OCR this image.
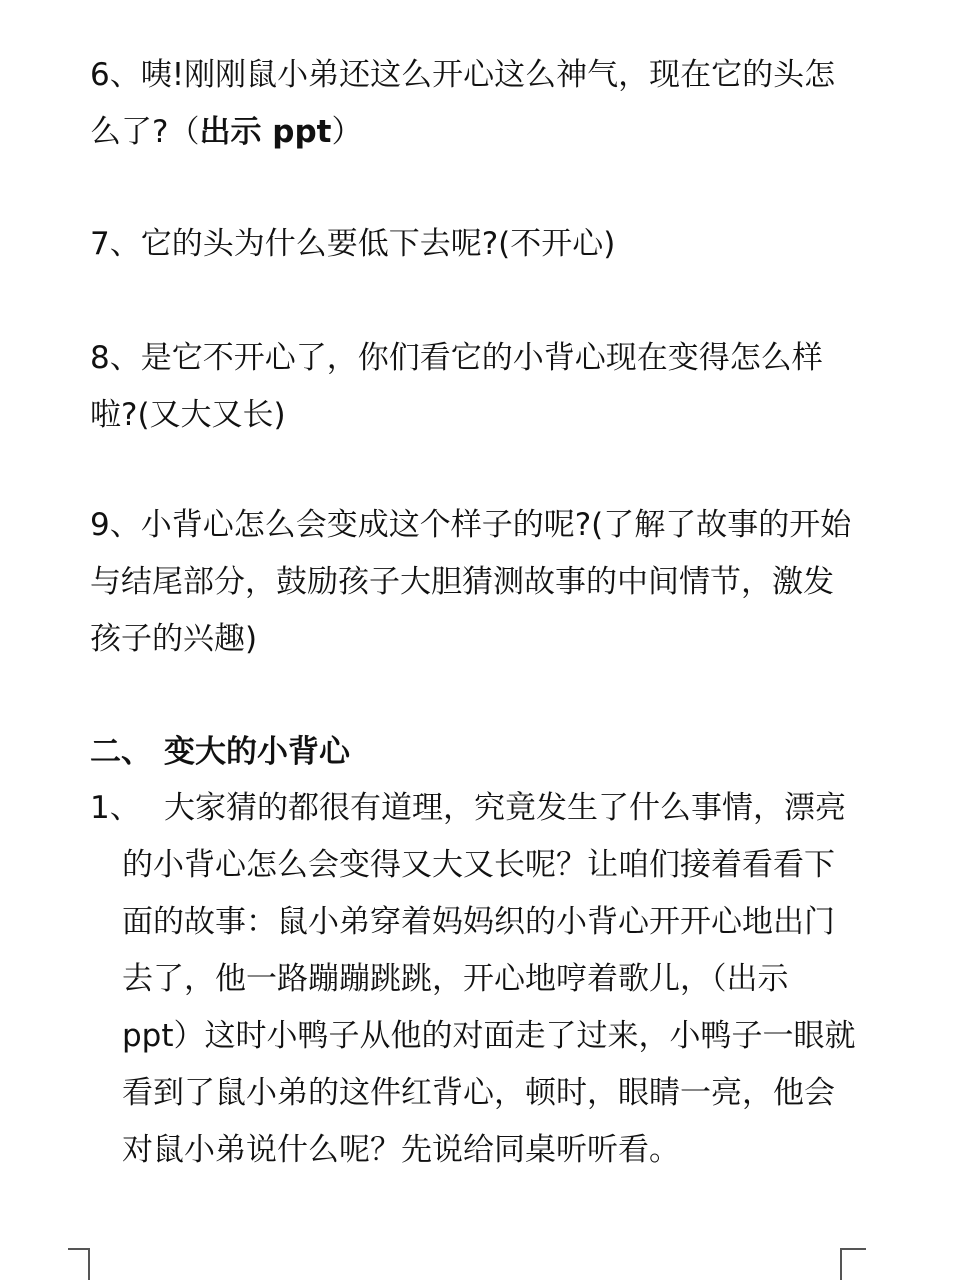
6、咦!刚刚鼠小弟还这么开心这么神气，现在它的头怎么了?（出示 ppt）

7、它的头为什么要低下去呢?(不开心)

8、是它不开心了，你们看它的小背心现在变得怎么样啦?(又大又长)

9、小背心怎么会变成这个样子的呢?(了解了故事的开始与结尾部分，鼓励孩子大胆猜测故事的中间情节，激发孩子的兴趣)

二、 变大的小背心
1、 大家猜的都很有道理，究竟发生了什么事情，漂亮的小背心怎么会变得又大又长呢？让咱们接着看看下面的故事：鼠小弟穿着妈妈织的小背心开开心地出门去了，他一路蹦蹦跳跳，开心地哼着歌儿，（出示 ppt）这时小鸭子从他的对面走了过来，小鸭子一眼就看到了鼠小弟的这件红背心，顿时，眼睛一亮，他会对鼠小弟说什么呢？先说给同桌听听看。
